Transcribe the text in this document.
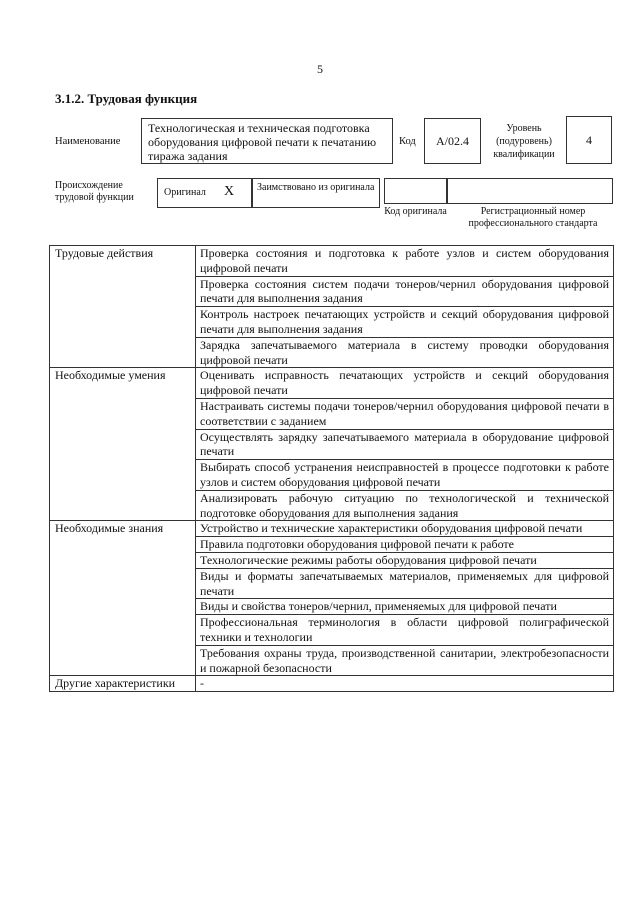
5
3.1.2. Трудовая функция
Наименование
Технологическая и техническая подготовка оборудования цифровой печати к печатанию тиража задания
Код A/02.4
Уровень (подуровень) квалификации
4
Происхождение трудовой функции	Оригинал X	Заимствовано из оригинала
Код оригинала	Регистрационный номер профессионального стандарта
Трудовые действия	Проверка состояния и подготовка к работе узлов и систем оборудования цифровой печати
	Проверка состояния систем подачи тонеров/чернил оборудования цифровой печати для выполнения задания
	Контроль настроек печатающих устройств и секций оборудования цифровой печати для выполнения задания
	Зарядка запечатываемого материала в систему проводки оборудования цифровой печати
Необходимые умения	Оценивать исправность печатающих устройств и секций оборудования цифровой печати
	Настраивать системы подачи тонеров/чернил оборудования цифровой печати в соответствии с заданием
	Осуществлять зарядку запечатываемого материала в оборудование цифровой печати
	Выбирать способ устранения неисправностей в процессе подготовки к работе узлов и систем оборудования цифровой печати
	Анализировать рабочую ситуацию по технологической и технической подготовке оборудования для выполнения задания
Необходимые знания	Устройство и технические характеристики оборудования цифровой печати
	Правила подготовки оборудования цифровой печати к работе
	Технологические режимы работы оборудования цифровой печати
	Виды и форматы запечатываемых материалов, применяемых для цифровой печати
	Виды и свойства тонеров/чернил, применяемых для цифровой печати
	Профессиональная терминология в области цифровой полиграфической техники и технологии
	Требования охраны труда, производственной санитарии, электробезопасности и пожарной безопасности
Другие характеристики	-
